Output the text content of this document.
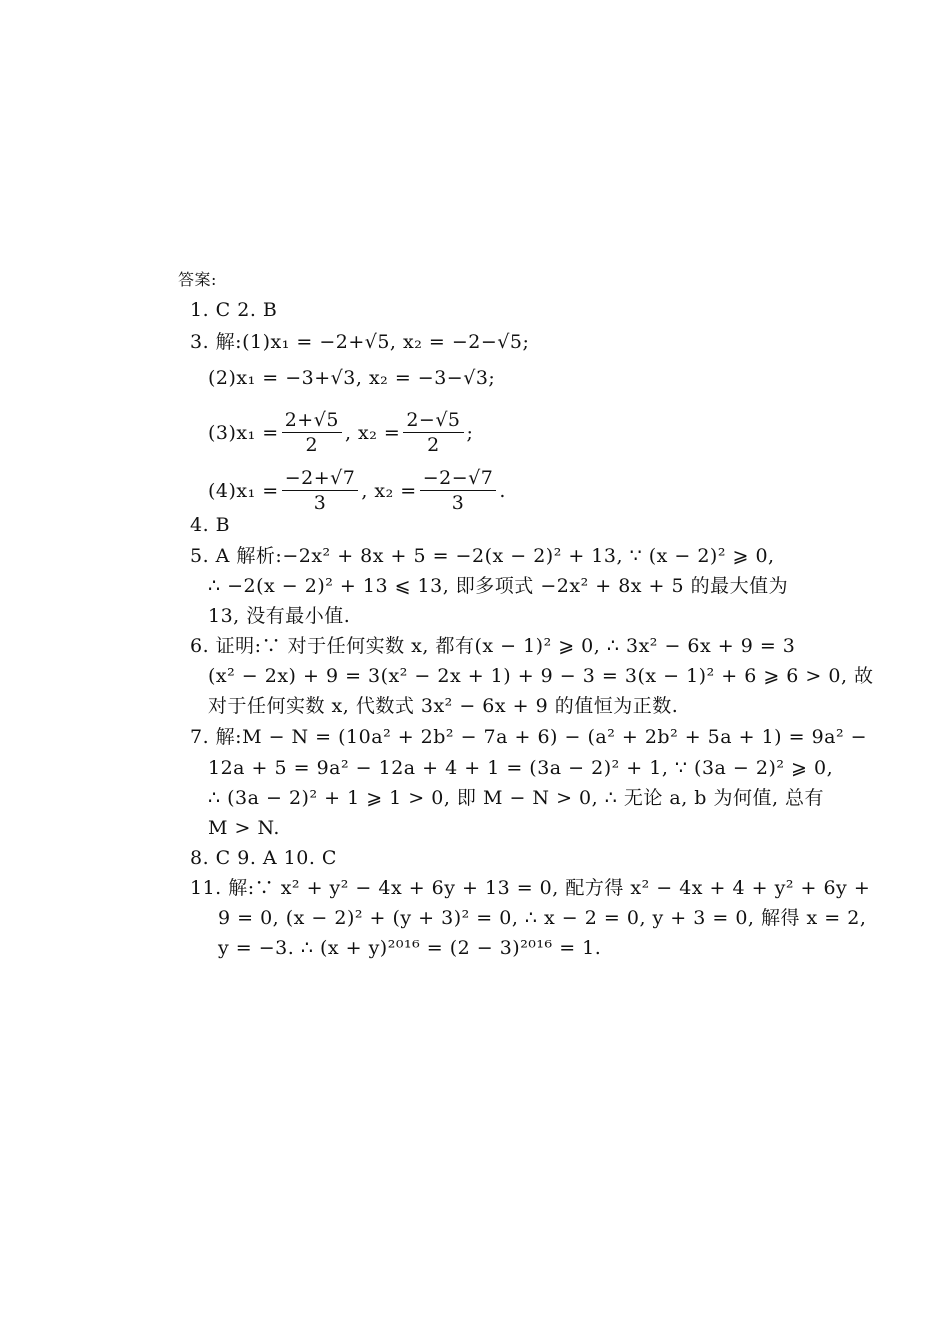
答案:
1. C 2. B
3. 解:(1)x₁ = −2+√5, x₂ = −2−√5;
(2)x₁ = −3+√3, x₂ = −3−√3;
$(3)x_1 = \frac{2+√5}{2}$ , $x_2 = \frac{2-√5}{2}$ ;
$(4)x_1 = \frac{-2+√7}{3}$ , $x_2 = \frac{-2-√7}{3}$ .
4. B
5. A 解析:−2x² + 8x + 5 = −2(x − 2)² + 13, ∵ (x − 2)² ⩾ 0,
∴ −2(x − 2)² + 13 ⩽ 13, 即多项式 −2x² + 8x + 5 的最大值为
13, 没有最小值.
6. 证明:∵ 对于任何实数 x, 都有(x − 1)² ⩾ 0, ∴ 3x² − 6x + 9 = 3
(x² − 2x) + 9 = 3(x² − 2x + 1) + 9 − 3 = 3(x − 1)² + 6 ⩾ 6 > 0, 故
对于任何实数 x, 代数式 3x² − 6x + 9 的值恒为正数.
7. 解:M − N = (10a² + 2b² − 7a + 6) − (a² + 2b² + 5a + 1) = 9a² −
12a + 5 = 9a² − 12a + 4 + 1 = (3a − 2)² + 1, ∵ (3a − 2)² ⩾ 0,
∴ (3a − 2)² + 1 ⩾ 1 > 0, 即 M − N > 0, ∴ 无论 a, b 为何值, 总有
M > N.
8. C 9. A 10. C
11. 解:∵ x² + y² − 4x + 6y + 13 = 0, 配方得 x² − 4x + 4 + y² + 6y +
9 = 0, (x − 2)² + (y + 3)² = 0, ∴ x − 2 = 0, y + 3 = 0, 解得 x = 2,
y = −3. ∴ (x + y)²⁰¹⁶ = (2 − 3)²⁰¹⁶ = 1.
